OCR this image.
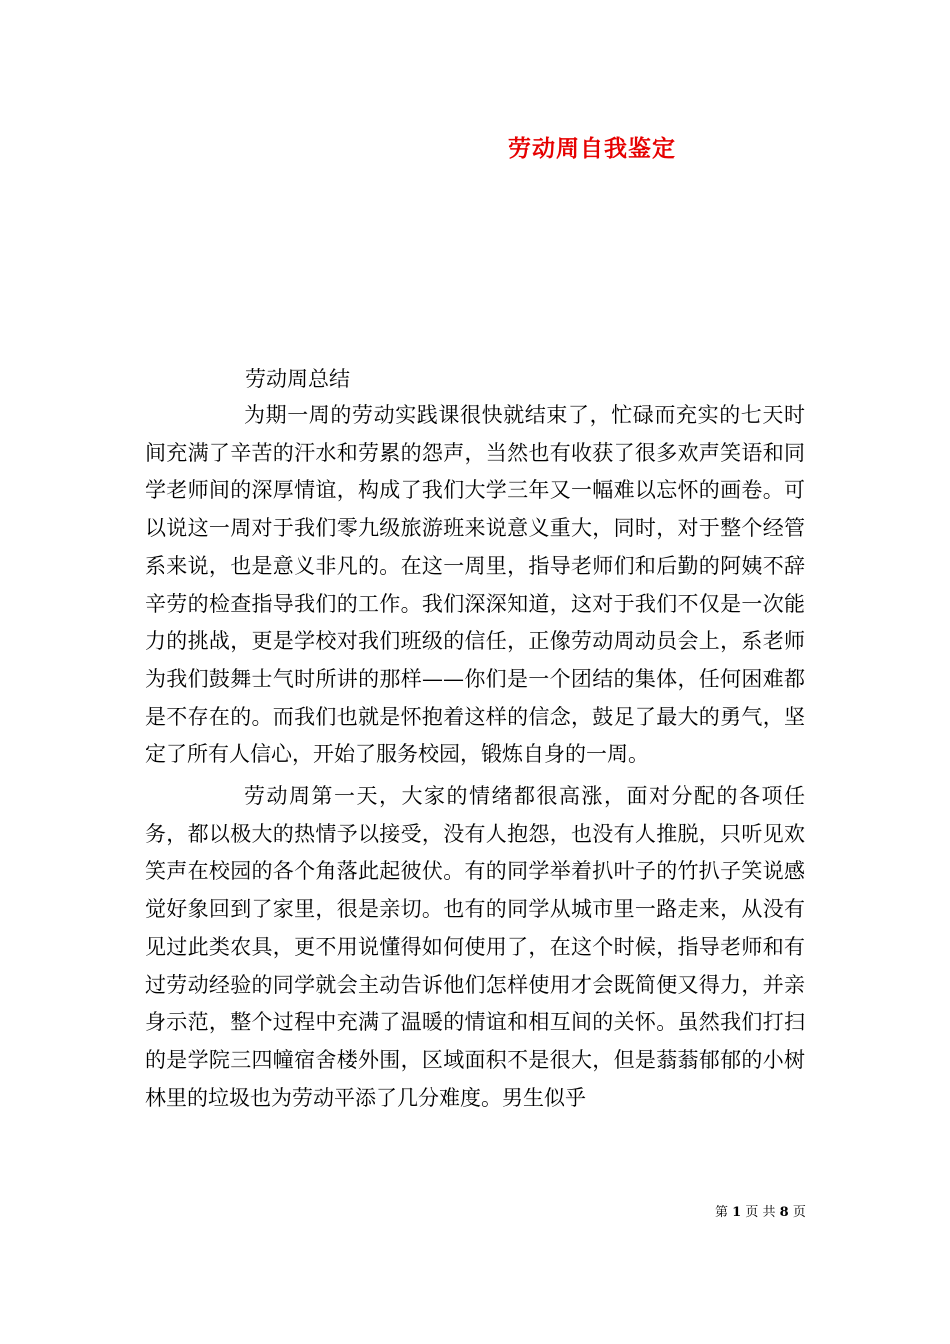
劳动周自我鉴定

劳动周总结

为期一周的劳动实践课很快就结束了，忙碌而充实的七天时间充满了辛苦的汗水和劳累的怨声，当然也有收获了很多欢声笑语和同学老师间的深厚情谊，构成了我们大学三年又一幅难以忘怀的画卷。可以说这一周对于我们零九级旅游班来说意义重大，同时，对于整个经管系来说，也是意义非凡的。在这一周里，指导老师们和后勤的阿姨不辞辛劳的检查指导我们的工作。我们深深知道，这对于我们不仅是一次能力的挑战，更是学校对我们班级的信任，正像劳动周动员会上，系老师为我们鼓舞士气时所讲的那样——你们是一个团结的集体，任何困难都是不存在的。而我们也就是怀抱着这样的信念，鼓足了最大的勇气，坚定了所有人信心，开始了服务校园，锻炼自身的一周。

劳动周第一天，大家的情绪都很高涨，面对分配的各项任务，都以极大的热情予以接受，没有人抱怨，也没有人推脱，只听见欢笑声在校园的各个角落此起彼伏。有的同学举着扒叶子的竹扒子笑说感觉好象回到了家里，很是亲切。也有的同学从城市里一路走来，从没有见过此类农具，更不用说懂得如何使用了，在这个时候，指导老师和有过劳动经验的同学就会主动告诉他们怎样使用才会既简便又得力，并亲身示范，整个过程中充满了温暖的情谊和相互间的关怀。虽然我们打扫的是学院三四幢宿舍楼外围，区域面积不是很大，但是蓊蓊郁郁的小树林里的垃圾也为劳动平添了几分难度。男生似乎

第 1 页 共 8 页
